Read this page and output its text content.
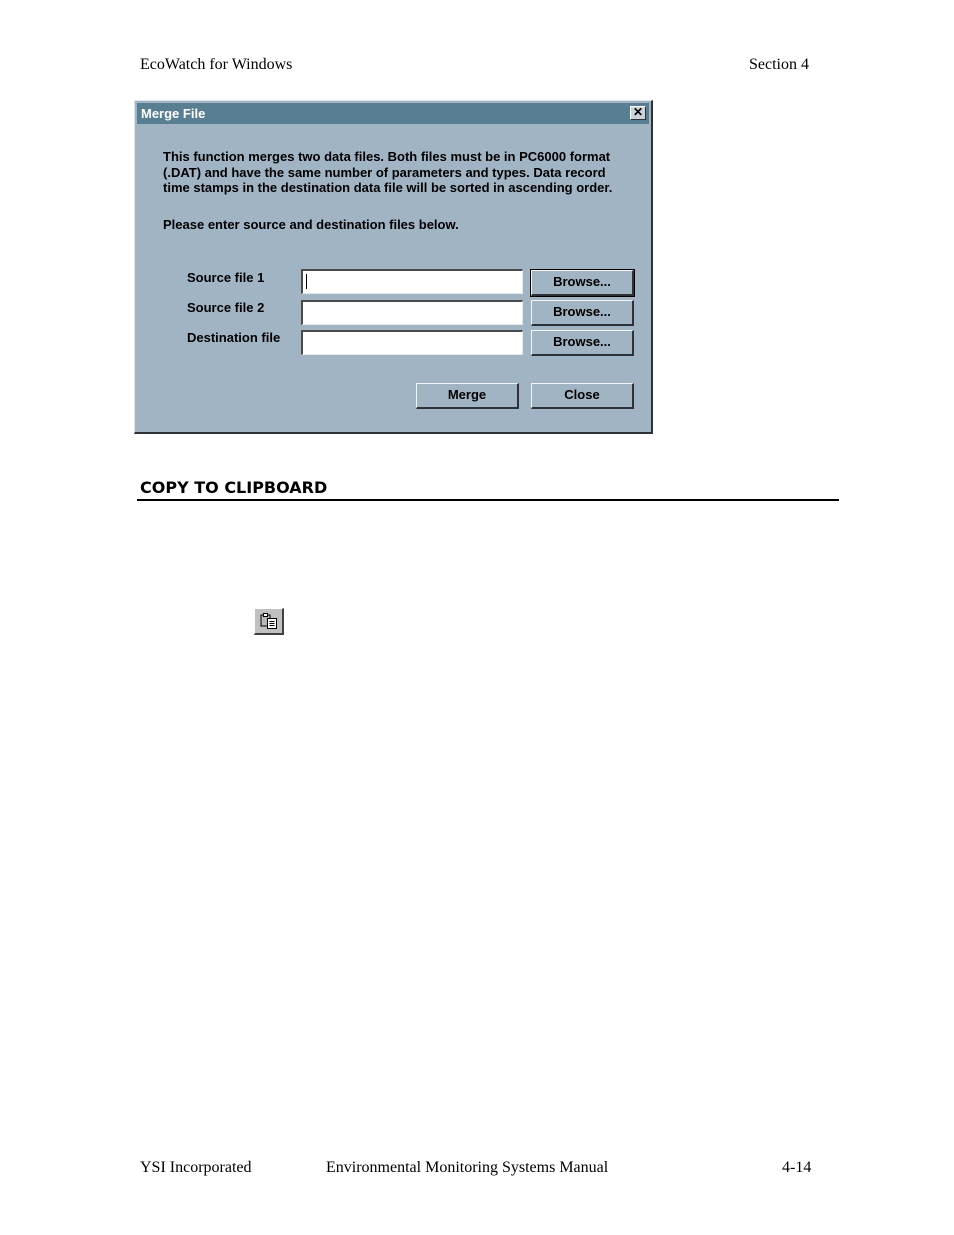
EcoWatch for Windows	Section 4
Merge File	✕
This function merges two data files. Both files must be in PC6000 format (.DAT) and have the same number of parameters and types. Data record time stamps in the destination data file will be sorted in ascending order.
Please enter source and destination files below.
Source file 1	Browse...
Source file 2	Browse...
Destination file	Browse...
Merge	Close
COPY TO CLIPBOARD
YSI Incorporated	Environmental Monitoring Systems Manual	4-14
